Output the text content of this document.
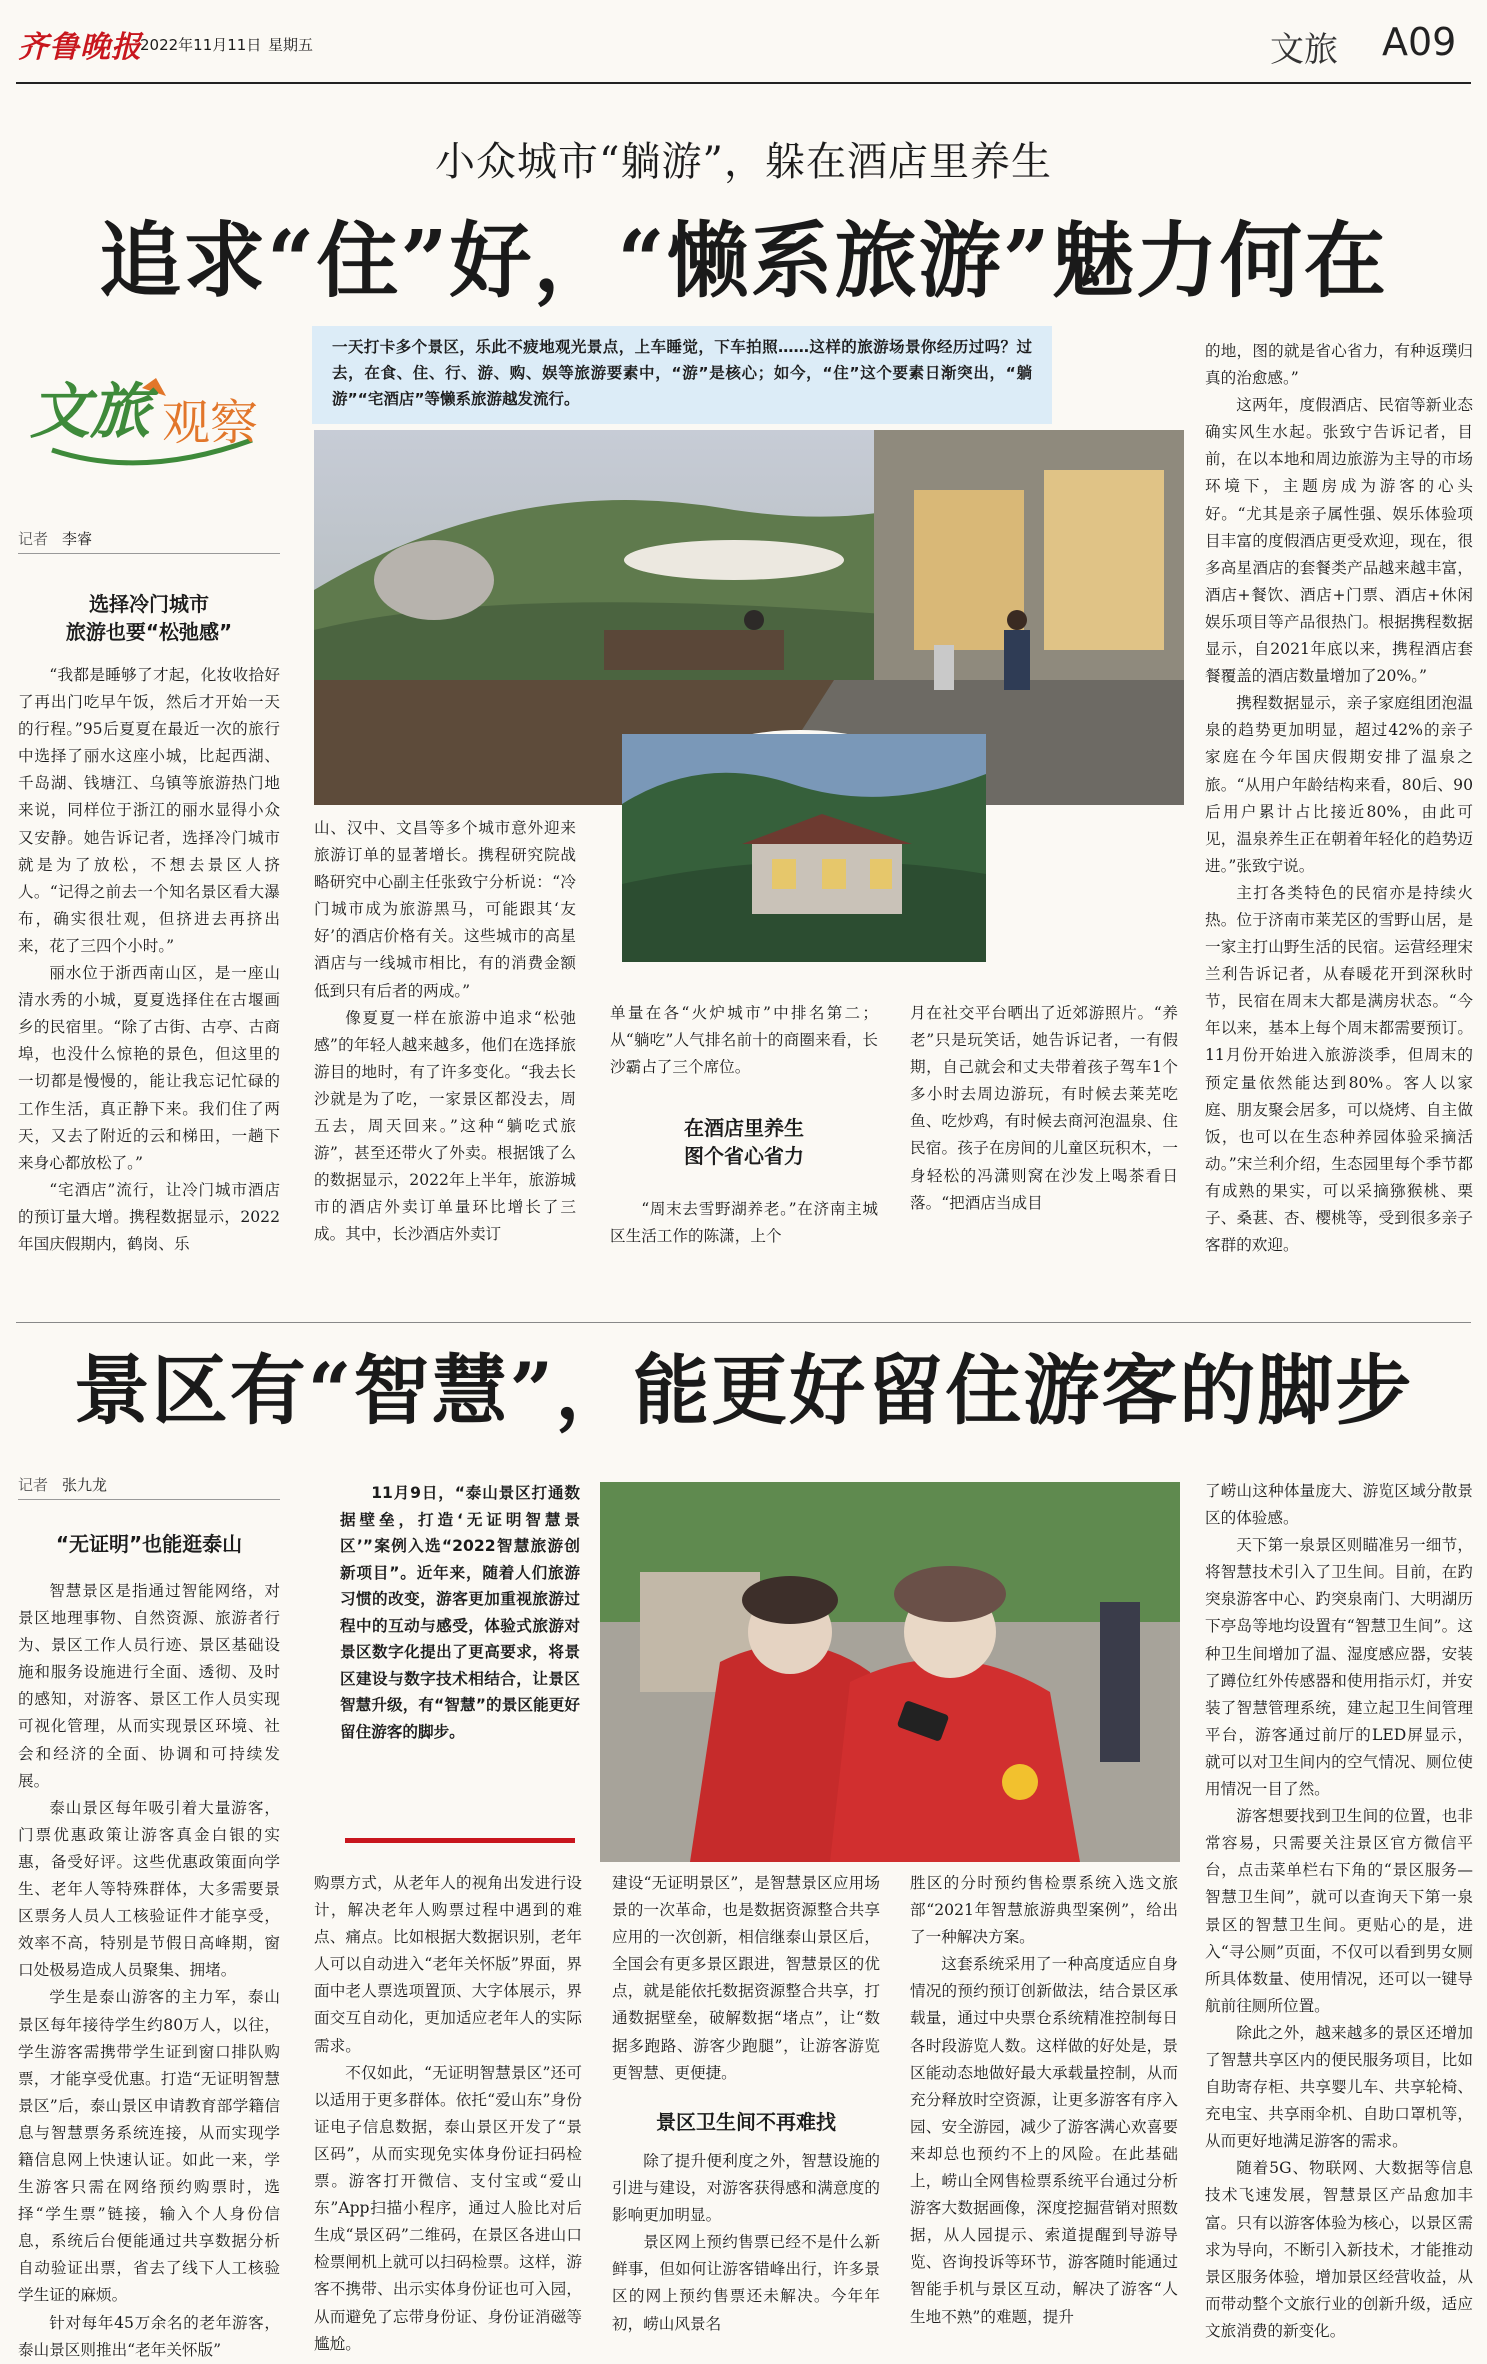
齐鲁晚报
2022年11月11日 星期五	文旅 A09
小众城市“躺游”，躲在酒店里养生
追求“住”好，“懒系旅游”魅力何在
文旅 观察
记者 李睿
选择冷门城市
旅游也要“松弛感”

“我都是睡够了才起，化妆收拾好了再出门吃早午饭，然后才开始一天的行程。”95后夏夏在最近一次的旅行中选择了丽水这座小城，比起西湖、千岛湖、钱塘江、乌镇等旅游热门地来说，同样位于浙江的丽水显得小众又安静。她告诉记者，选择冷门城市就是为了放松，不想去景区人挤人。“记得之前去一个知名景区看大瀑布，确实很壮观，但挤进去再挤出来，花了三四个小时。”

丽水位于浙西南山区，是一座山清水秀的小城，夏夏选择住在古堰画乡的民宿里。“除了古街、古亭、古商埠，也没什么惊艳的景色，但这里的一切都是慢慢的，能让我忘记忙碌的工作生活，真正静下来。我们住了两天，又去了附近的云和梯田，一趟下来身心都放松了。”

“宅酒店”流行，让冷门城市酒店的预订量大增。携程数据显示，2022年国庆假期内，鹤岗、乐

一天打卡多个景区，乐此不疲地观光景点，上车睡觉，下车拍照……这样的旅游场景你经历过吗？过去，在食、住、行、游、购、娱等旅游要素中，“游”是核心；如今，“住”这个要素日渐突出，“躺游”“宅酒店”等懒系旅游越发流行。

山、汉中、文昌等多个城市意外迎来旅游订单的显著增长。携程研究院战略研究中心副主任张致宁分析说：“冷门城市成为旅游黑马，可能跟其‘友好’的酒店价格有关。这些城市的高星酒店与一线城市相比，有的消费金额低到只有后者的两成。”

像夏夏一样在旅游中追求“松弛感”的年轻人越来越多，他们在选择旅游目的地时，有了许多变化。“我去长沙就是为了吃，一家景区都没去，周五去，周天回来。”这种“躺吃式旅游”，甚至还带火了外卖。根据饿了么的数据显示，2022年上半年，旅游城市的酒店外卖订单量环比增长了三成。其中，长沙酒店外卖订

单量在各“火炉城市”中排名第二；从“躺吃”人气排名前十的商圈来看，长沙霸占了三个席位。

在酒店里养生
图个省心省力

“周末去雪野湖养老。”在济南主城区生活工作的陈潇，上个

月在社交平台晒出了近郊游照片。“养老”只是玩笑话，她告诉记者，一有假期，自己就会和丈夫带着孩子驾车1个多小时去周边游玩，有时候去莱芜吃鱼、吃炒鸡，有时候去商河泡温泉、住民宿。孩子在房间的儿童区玩积木，一身轻松的冯潇则窝在沙发上喝茶看日落。“把酒店当成目

的地，图的就是省心省力，有种返璞归真的治愈感。”

这两年，度假酒店、民宿等新业态确实风生水起。张致宁告诉记者，目前，在以本地和周边旅游为主导的市场环境下，主题房成为游客的心头好。“尤其是亲子属性强、娱乐体验项目丰富的度假酒店更受欢迎，现在，很多高星酒店的套餐类产品越来越丰富，酒店+餐饮、酒店+门票、酒店+休闲娱乐项目等产品很热门。根据携程数据显示，自2021年底以来，携程酒店套餐覆盖的酒店数量增加了20%。”

携程数据显示，亲子家庭组团泡温泉的趋势更加明显，超过42%的亲子家庭在今年国庆假期安排了温泉之旅。“从用户年龄结构来看，80后、90后用户累计占比接近80%，由此可见，温泉养生正在朝着年轻化的趋势迈进。”张致宁说。

主打各类特色的民宿亦是持续火热。位于济南市莱芜区的雪野山居，是一家主打山野生活的民宿。运营经理宋兰利告诉记者，从春暖花开到深秋时节，民宿在周末大都是满房状态。“今年以来，基本上每个周末都需要预订。11月份开始进入旅游淡季，但周末的预定量依然能达到80%。客人以家庭、朋友聚会居多，可以烧烤、自主做饭，也可以在生态种养园体验采摘活动。”宋兰利介绍，生态园里每个季节都有成熟的果实，可以采摘猕猴桃、栗子、桑葚、杏、樱桃等，受到很多亲子客群的欢迎。

景区有“智慧”，能更好留住游客的脚步
记者 张九龙
“无证明”也能逛泰山

智慧景区是指通过智能网络，对景区地理事物、自然资源、旅游者行为、景区工作人员行迹、景区基础设施和服务设施进行全面、透彻、及时的感知，对游客、景区工作人员实现可视化管理，从而实现景区环境、社会和经济的全面、协调和可持续发展。

泰山景区每年吸引着大量游客，门票优惠政策让游客真金白银的实惠，备受好评。这些优惠政策面向学生、老年人等特殊群体，大多需要景区票务人员人工核验证件才能享受，效率不高，特别是节假日高峰期，窗口处极易造成人员聚集、拥堵。

学生是泰山游客的主力军，泰山景区每年接待学生约80万人，以往，学生游客需携带学生证到窗口排队购票，才能享受优惠。打造“无证明智慧景区”后，泰山景区申请教育部学籍信息与智慧票务系统连接，从而实现学籍信息网上快速认证。如此一来，学生游客只需在网络预约购票时，选择“学生票”链接，输入个人身份信息，系统后台便能通过共享数据分析自动验证出票，省去了线下人工核验学生证的麻烦。

针对每年45万余名的老年游客，泰山景区则推出“老年关怀版”

11月9日，“泰山景区打通数据壁垒，打造‘无证明智慧景区’”案例入选“2022智慧旅游创新项目”。近年来，随着人们旅游习惯的改变，游客更加重视旅游过程中的互动与感受，体验式旅游对景区数字化提出了更高要求，将景区建设与数字技术相结合，让景区智慧升级，有“智慧”的景区能更好留住游客的脚步。

购票方式，从老年人的视角出发进行设计，解决老年人购票过程中遇到的难点、痛点。比如根据大数据识别，老年人可以自动进入“老年关怀版”界面，界面中老人票选项置顶、大字体展示，界面交互自动化，更加适应老年人的实际需求。

不仅如此，“无证明智慧景区”还可以适用于更多群体。依托“爱山东”身份证电子信息数据，泰山景区开发了“景区码”，从而实现免实体身份证扫码检票。游客打开微信、支付宝或“爱山东”App扫描小程序，通过人脸比对后生成“景区码”二维码，在景区各进山口检票闸机上就可以扫码检票。这样，游客不携带、出示实体身份证也可入园，从而避免了忘带身份证、身份证消磁等尴尬。

建设“无证明景区”，是智慧景区应用场景的一次革命，也是数据资源整合共享应用的一次创新，相信继泰山景区后，全国会有更多景区跟进，智慧景区的优点，就是能依托数据资源整合共享，打通数据壁垒，破解数据“堵点”，让“数据多跑路、游客少跑腿”，让游客游览更智慧、更便捷。

景区卫生间不再难找

除了提升便利度之外，智慧设施的引进与建设，对游客获得感和满意度的影响更加明显。

景区网上预约售票已经不是什么新鲜事，但如何让游客错峰出行，许多景区的网上预约售票还未解决。今年年初，崂山风景名

胜区的分时预约售检票系统入选文旅部“2021年智慧旅游典型案例”，给出了一种解决方案。

这套系统采用了一种高度适应自身情况的预约预订创新做法，结合景区承载量，通过中央票仓系统精准控制每日各时段游览人数。这样做的好处是，景区能动态地做好最大承载量控制，从而充分释放时空资源，让更多游客有序入园、安全游园，减少了游客满心欢喜要来却总也预约不上的风险。在此基础上，崂山全网售检票系统平台通过分析游客大数据画像，深度挖掘营销对照数据，从人园提示、索道提醒到导游导览、咨询投诉等环节，游客随时能通过智能手机与景区互动，解决了游客“人生地不熟”的难题，提升

了崂山这种体量庞大、游览区域分散景区的体验感。

天下第一泉景区则瞄准另一细节，将智慧技术引入了卫生间。目前，在趵突泉游客中心、趵突泉南门、大明湖历下亭岛等地均设置有“智慧卫生间”。这种卫生间增加了温、湿度感应器，安装了蹲位红外传感器和使用指示灯，并安装了智慧管理系统，建立起卫生间管理平台，游客通过前厅的LED屏显示，就可以对卫生间内的空气情况、厕位使用情况一目了然。

游客想要找到卫生间的位置，也非常容易，只需要关注景区官方微信平台，点击菜单栏右下角的“景区服务—智慧卫生间”，就可以查询天下第一泉景区的智慧卫生间。更贴心的是，进入“寻公厕”页面，不仅可以看到男女厕所具体数量、使用情况，还可以一键导航前往厕所位置。

除此之外，越来越多的景区还增加了智慧共享区内的便民服务项目，比如自助寄存柜、共享婴儿车、共享轮椅、充电宝、共享雨伞机、自助口罩机等，从而更好地满足游客的需求。

随着5G、物联网、大数据等信息技术飞速发展，智慧景区产品愈加丰富。只有以游客体验为核心，以景区需求为导向，不断引入新技术，才能推动景区服务体验，增加景区经营收益，从而带动整个文旅行业的创新升级，适应文旅消费的新变化。
